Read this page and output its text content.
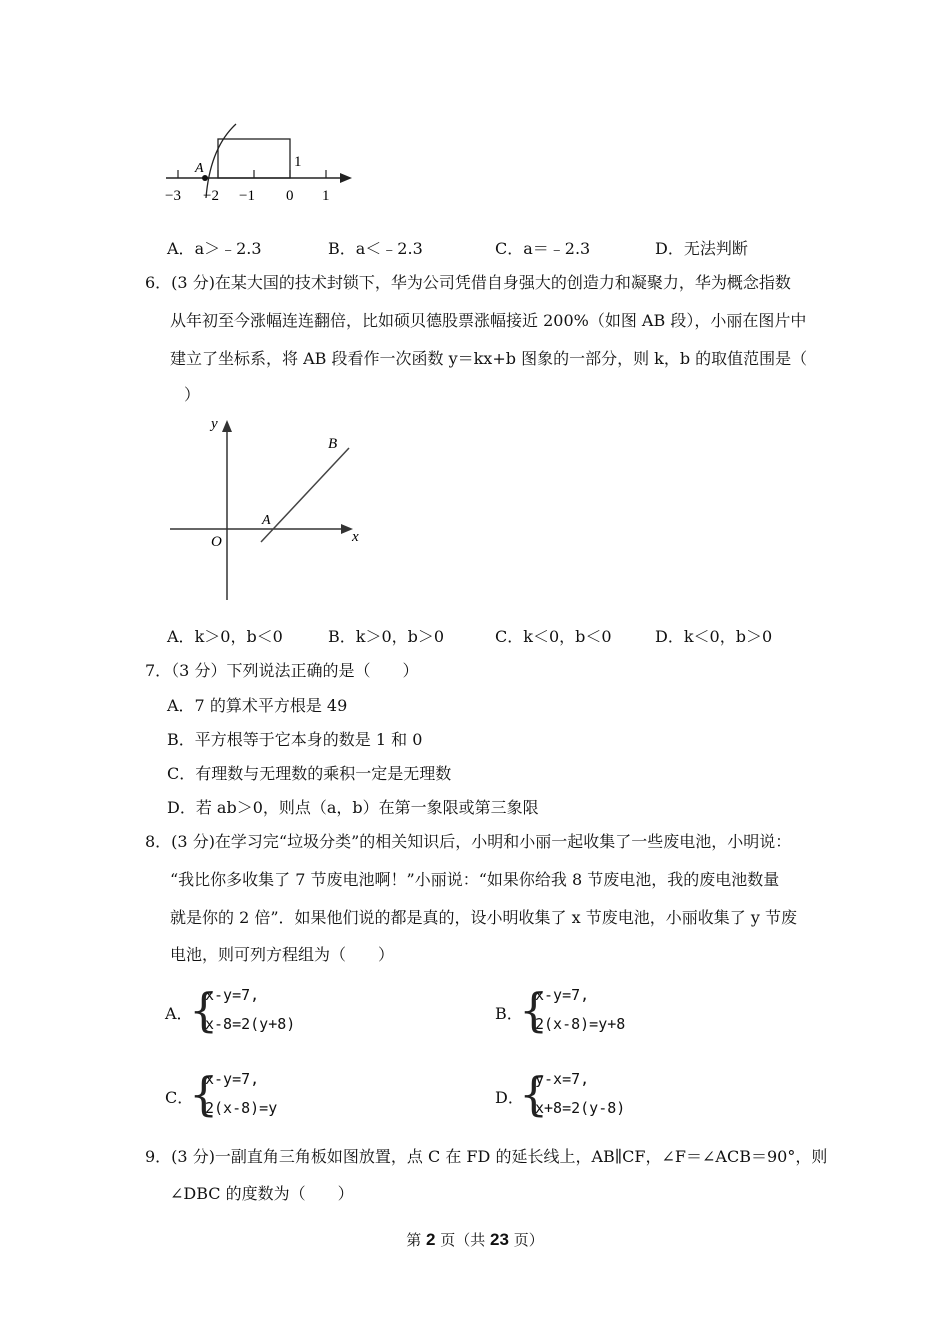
A	1
−3 −2 −1 0 1
A．a＞﹣2.3	B．a＜﹣2.3	C．a＝﹣2.3	D．无法判断
6．(3 分)在某大国的技术封锁下，华为公司凭借自身强大的创造力和凝聚力，华为概念指数
从年初至今涨幅连连翻倍，比如硕贝德股票涨幅接近 200%（如图 AB 段），小丽在图片中
建立了坐标系，将 AB 段看作一次函数 y＝kx+b 图象的一部分，则 k，b 的取值范围是（
）
y
x
O
A
B
A．k＞0，b＜0	B．k＞0，b＞0	C．k＜0，b＜0	D．k＜0，b＞0
7．（3 分）下列说法正确的是（　　）
A．7 的算术平方根是 49
B．平方根等于它本身的数是 1 和 0
C．有理数与无理数的乘积一定是无理数
D．若 ab＞0，则点（a，b）在第一象限或第三象限
8．(3 分)在学习完“垃圾分类”的相关知识后，小明和小丽一起收集了一些废电池，小明说：
“我比你多收集了 7 节废电池啊！”小丽说：“如果你给我 8 节废电池，我的废电池数量
就是你的 2 倍”．如果他们说的都是真的，设小明收集了 x 节废电池，小丽收集了 y 节废
电池，则可列方程组为（　　）
A．
{
x-y=7,
x-8=2(y+8)
B．
{
x-y=7,
2(x-8)=y+8
C．
{
x-y=7,
2(x-8)=y
D．
{
y-x=7,
x+8=2(y-8)
9．(3 分)一副直角三角板如图放置，点 C 在 FD 的延长线上，AB∥CF，∠F＝∠ACB＝90°，则
∠DBC 的度数为（　　）
第 2 页（共 23 页）
